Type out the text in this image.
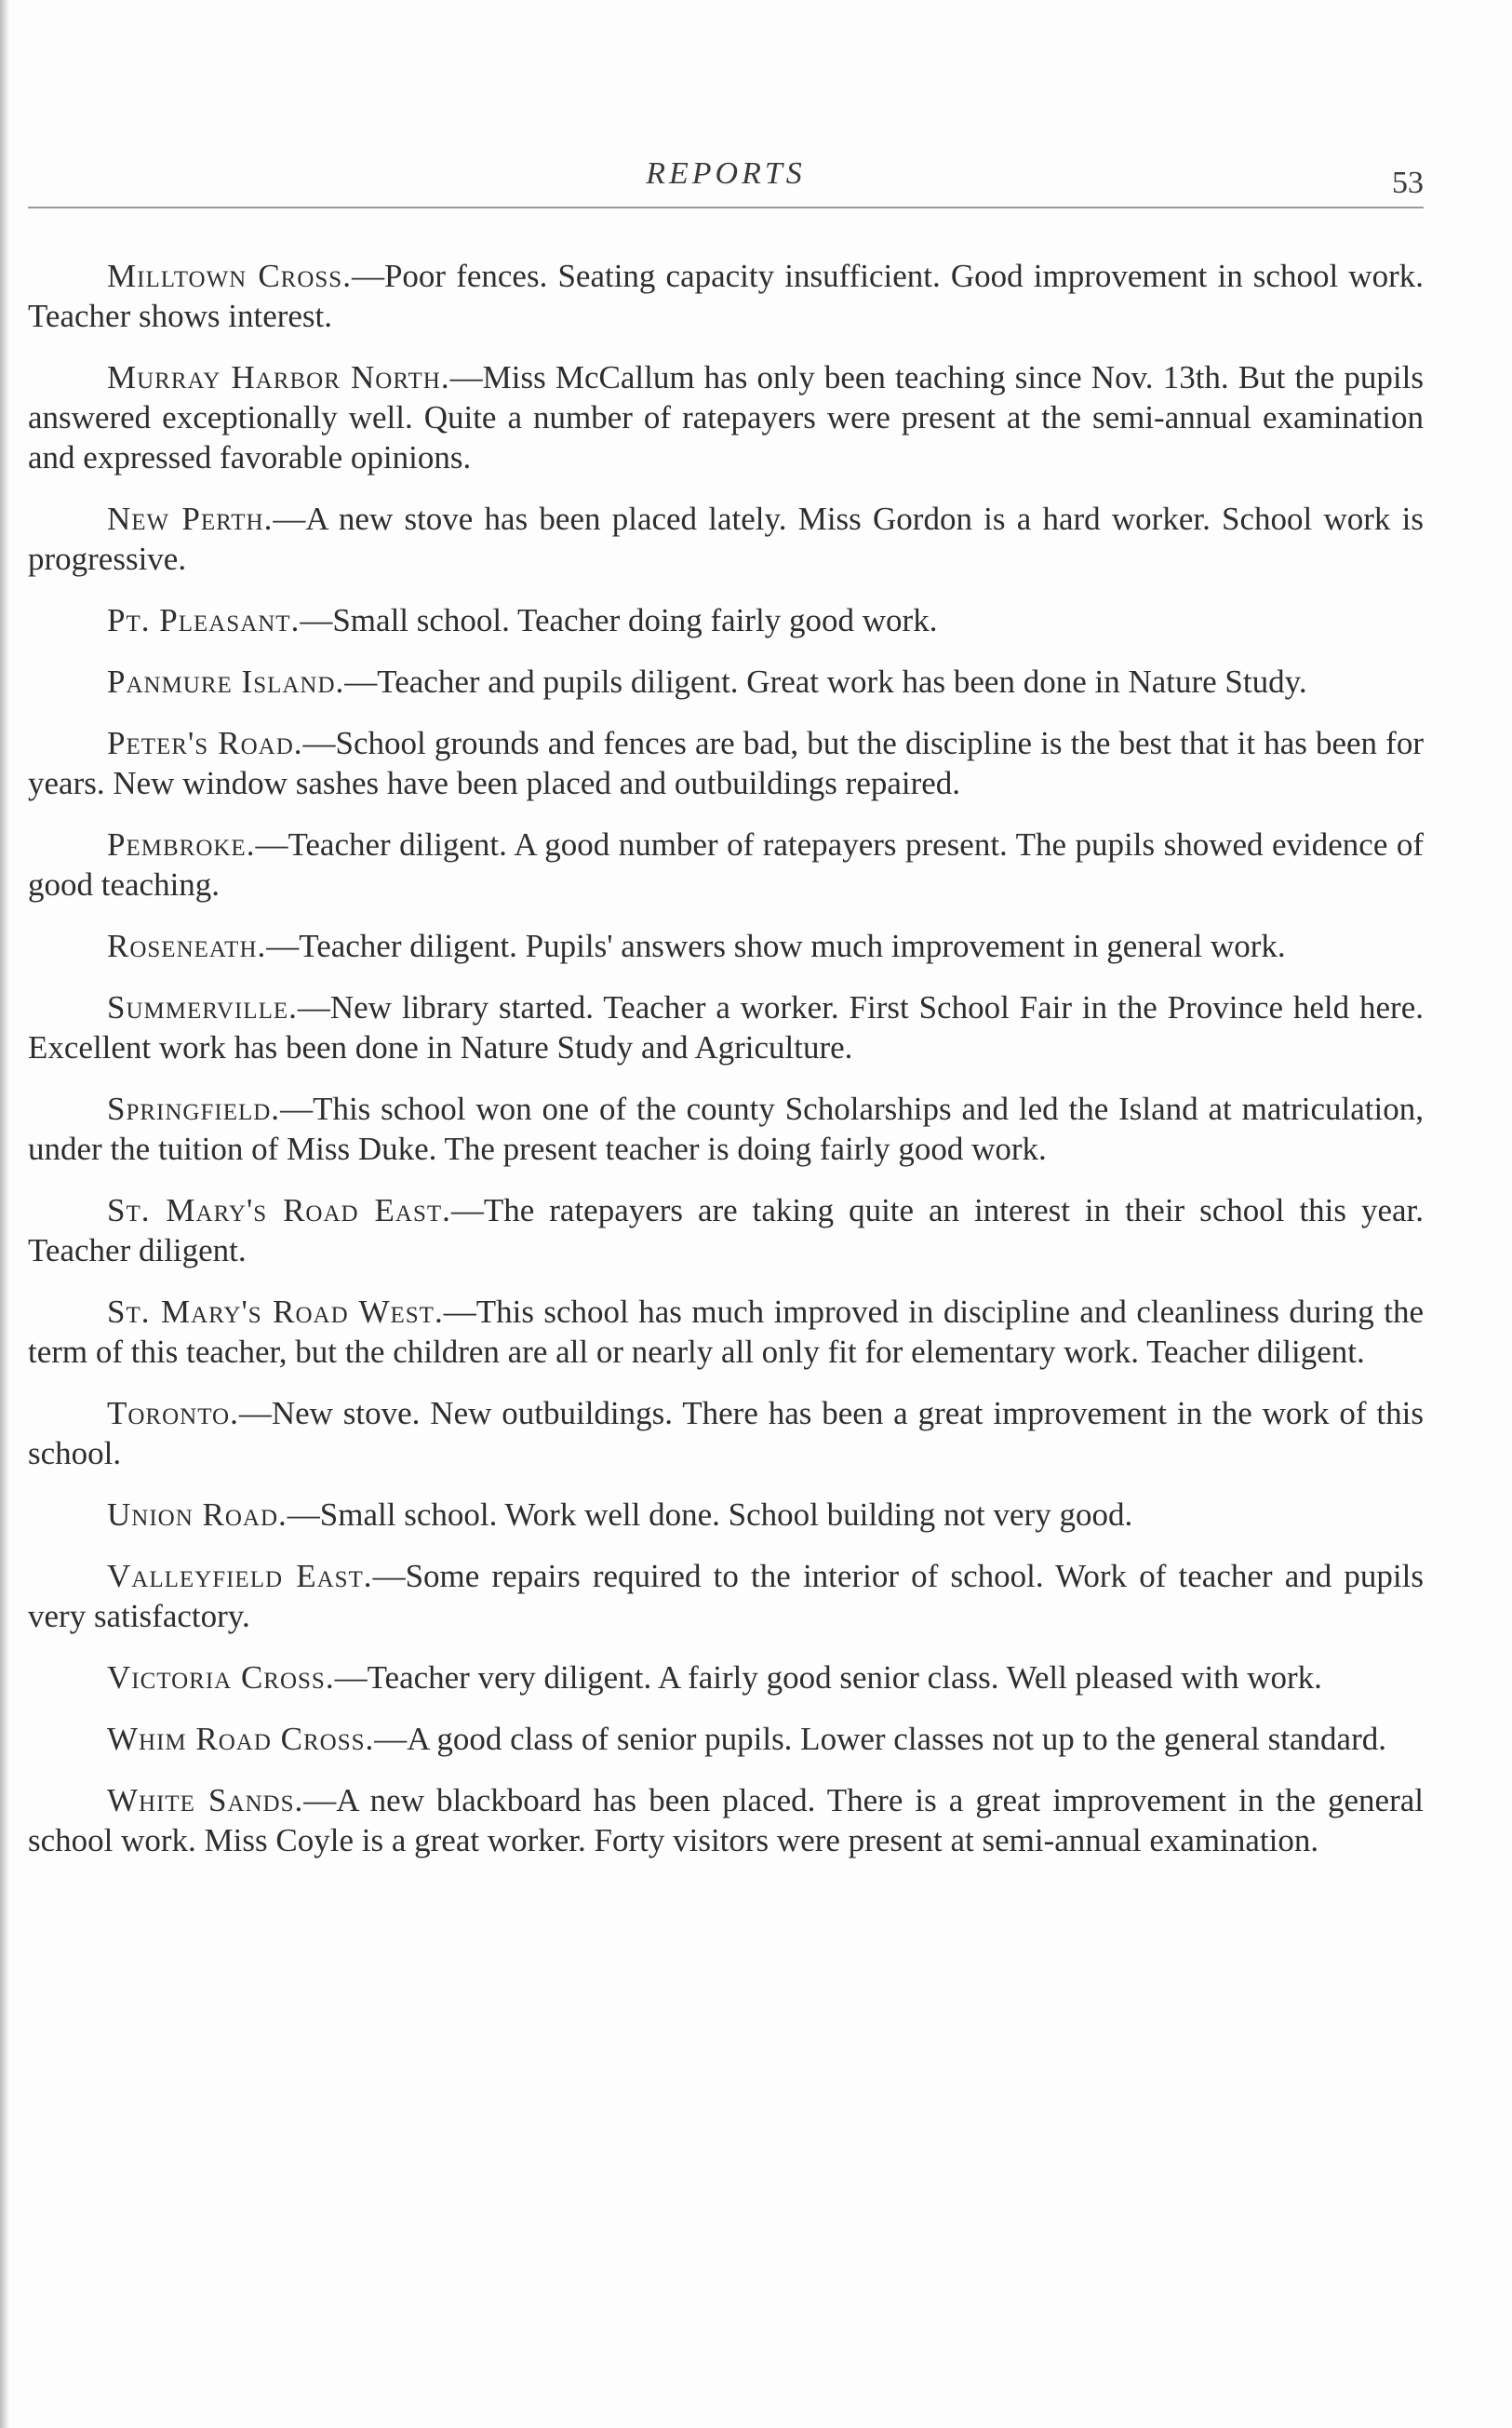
REPORTS	53

Milltown Cross.—Poor fences. Seating capacity insufficient. Good improvement in school work. Teacher shows interest.

Murray Harbor North.—Miss McCallum has only been teaching since Nov. 13th. But the pupils answered exceptionally well. Quite a number of ratepayers were present at the semi-annual examination and expressed favorable opinions.

New Perth.—A new stove has been placed lately. Miss Gordon is a hard worker. School work is progressive.

Pt. Pleasant.—Small school. Teacher doing fairly good work.

Panmure Island.—Teacher and pupils diligent. Great work has been done in Nature Study.

Peter's Road.—School grounds and fences are bad, but the discipline is the best that it has been for years. New window sashes have been placed and outbuildings repaired.

Pembroke.—Teacher diligent. A good number of ratepayers present. The pupils showed evidence of good teaching.

Roseneath.—Teacher diligent. Pupils' answers show much improvement in general work.

Summerville.—New library started. Teacher a worker. First School Fair in the Province held here. Excellent work has been done in Nature Study and Agriculture.

Springfield.—This school won one of the county Scholarships and led the Island at matriculation, under the tuition of Miss Duke. The present teacher is doing fairly good work.

St. Mary's Road East.—The ratepayers are taking quite an interest in their school this year. Teacher diligent.

St. Mary's Road West.—This school has much improved in discipline and cleanliness during the term of this teacher, but the children are all or nearly all only fit for elementary work. Teacher diligent.

Toronto.—New stove. New outbuildings. There has been a great improvement in the work of this school.

Union Road.—Small school. Work well done. School building not very good.

Valleyfield East.—Some repairs required to the interior of school. Work of teacher and pupils very satisfactory.

Victoria Cross.—Teacher very diligent. A fairly good senior class. Well pleased with work.

Whim Road Cross.—A good class of senior pupils. Lower classes not up to the general standard.

White Sands.—A new blackboard has been placed. There is a great improvement in the general school work. Miss Coyle is a great worker. Forty visitors were present at semi-annual examination.
